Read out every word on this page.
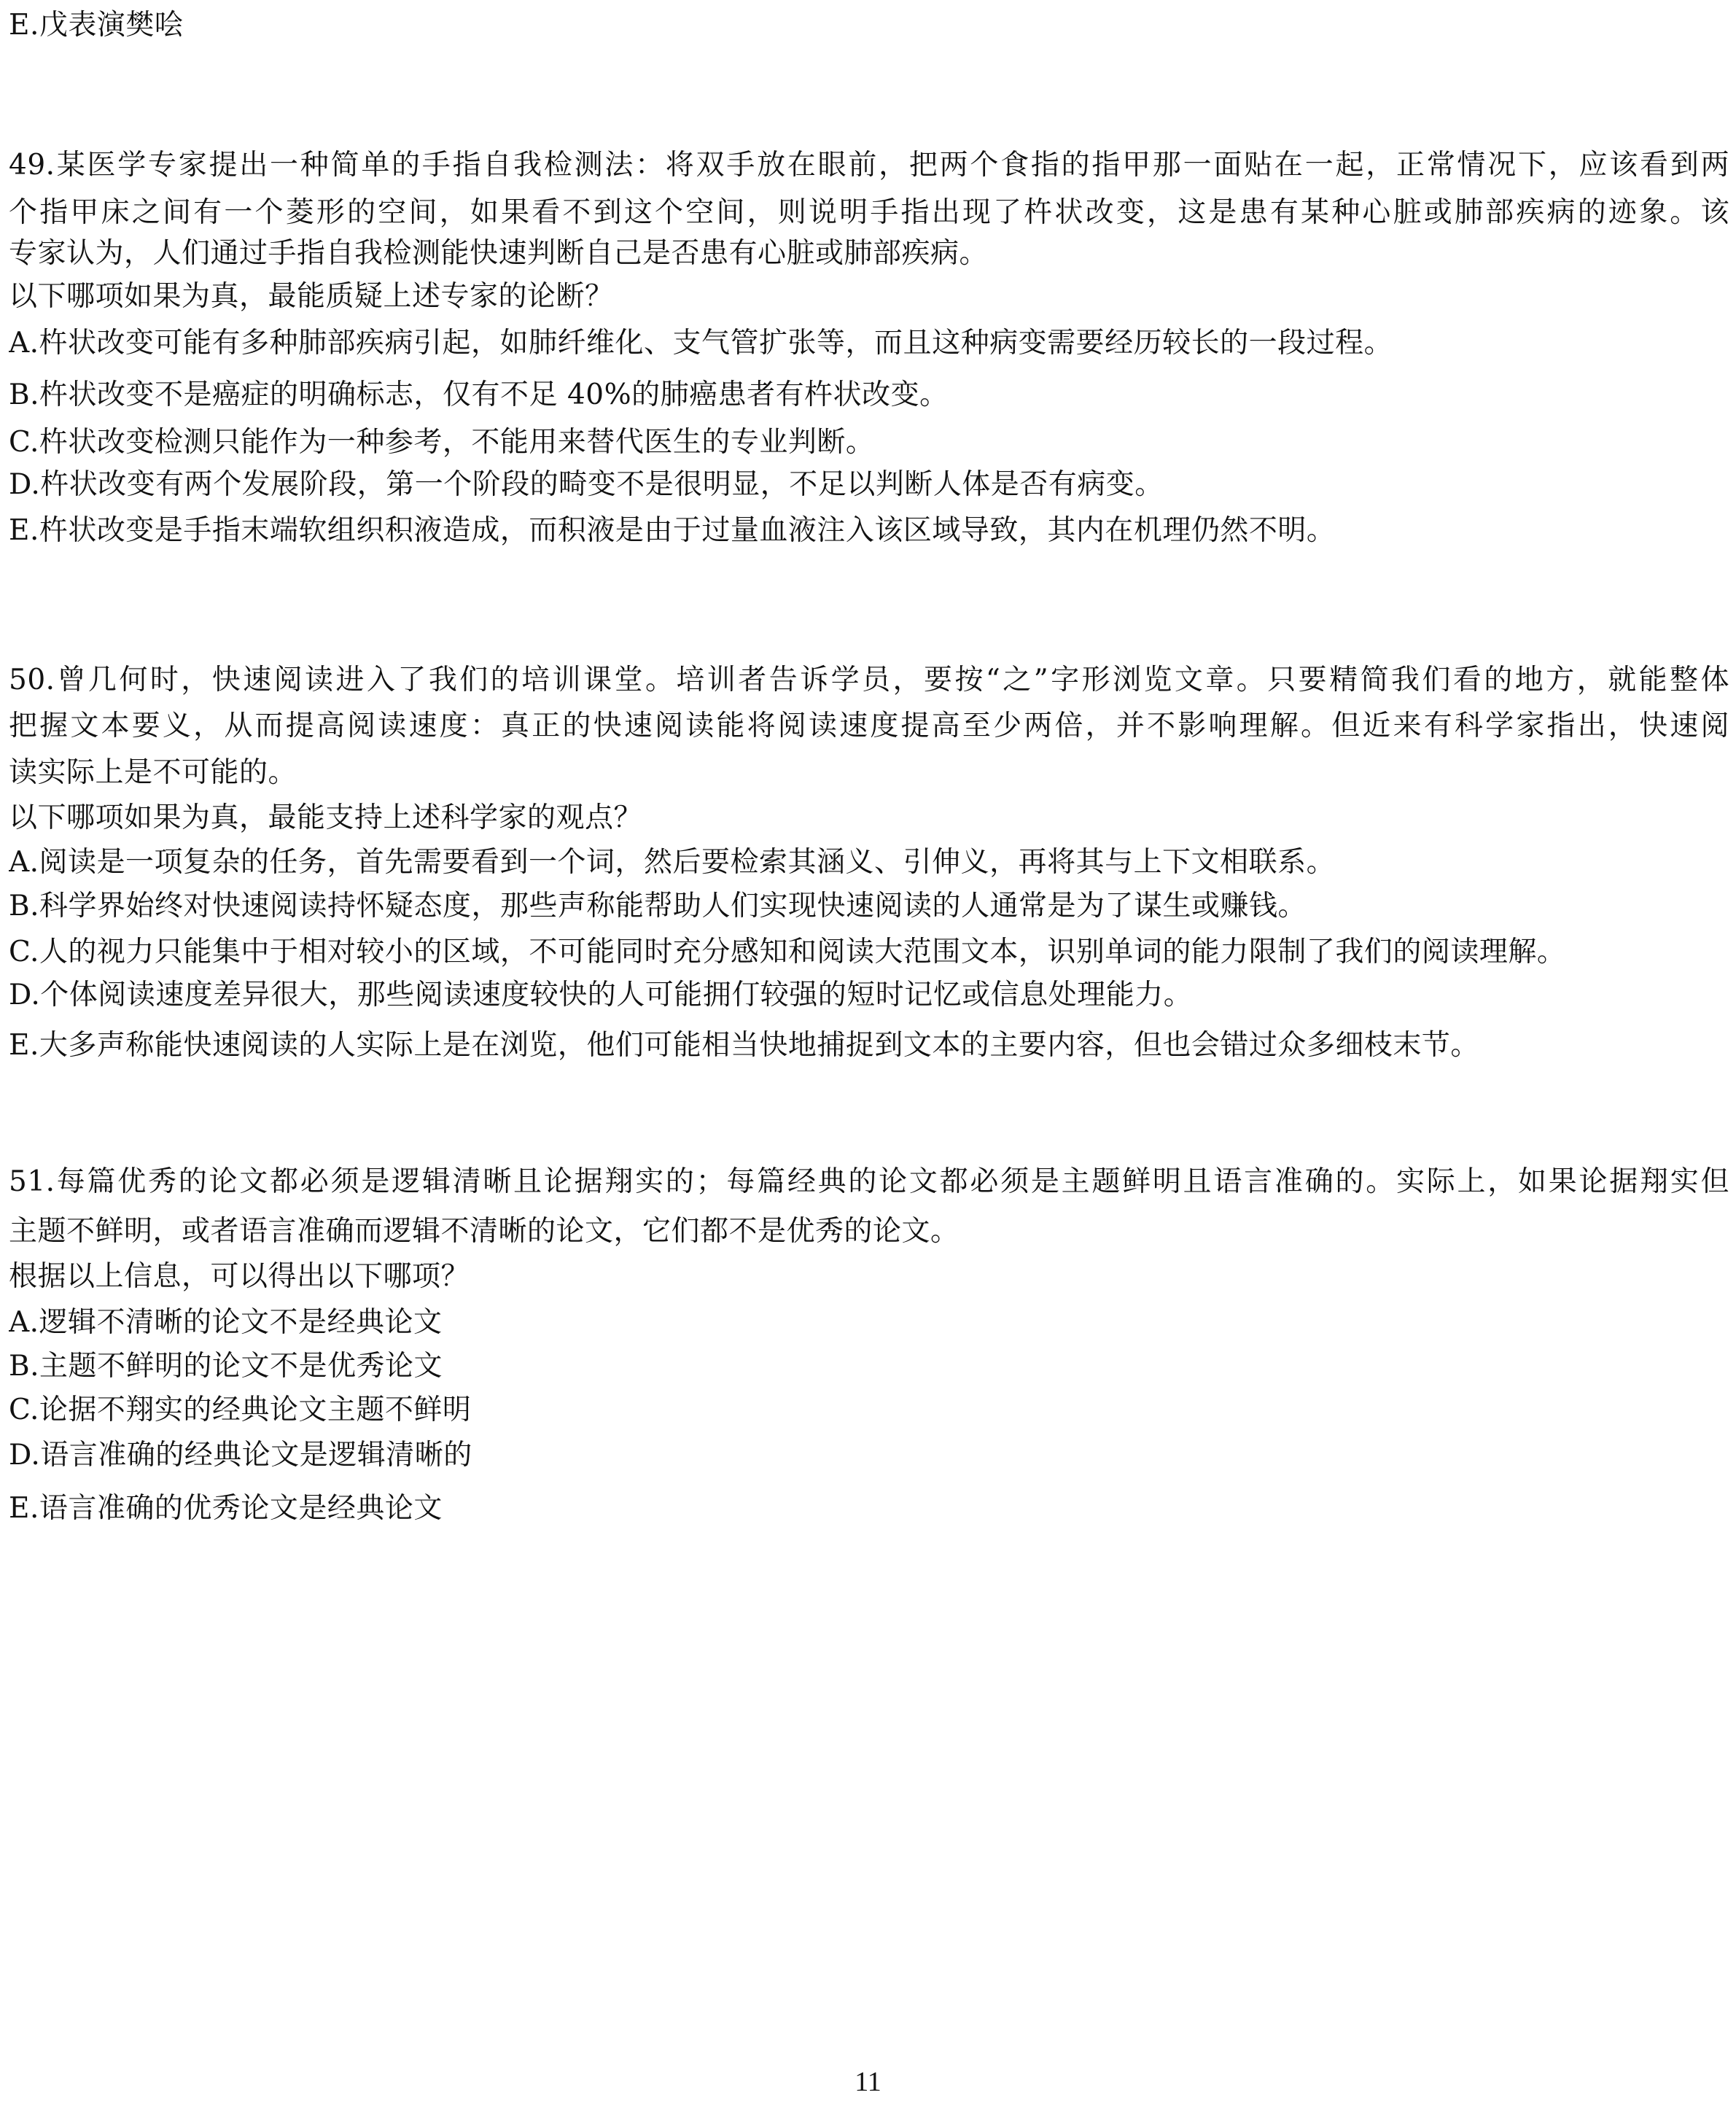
E.戊表演樊哙
49.某医学专家提出一种简单的手指自我检测法：将双手放在眼前，把两个食指的指甲那一面贴在一起，正常情况下，应该看到两
个指甲床之间有一个菱形的空间，如果看不到这个空间，则说明手指出现了杵状改变，这是患有某种心脏或肺部疾病的迹象。该
专家认为，人们通过手指自我检测能快速判断自己是否患有心脏或肺部疾病。
以下哪项如果为真，最能质疑上述专家的论断？
A.杵状改变可能有多种肺部疾病引起，如肺纤维化、支气管扩张等，而且这种病变需要经历较长的一段过程。
B.杵状改变不是癌症的明确标志，仅有不足 40%的肺癌患者有杵状改变。
C.杵状改变检测只能作为一种参考，不能用来替代医生的专业判断。
D.杵状改变有两个发展阶段，第一个阶段的畸变不是很明显，不足以判断人体是否有病变。
E.杵状改变是手指末端软组织积液造成，而积液是由于过量血液注入该区域导致，其内在机理仍然不明。
50.曾几何时，快速阅读进入了我们的培训课堂。培训者告诉学员，要按“之”字形浏览文章。只要精简我们看的地方，就能整体
把握文本要义，从而提高阅读速度：真正的快速阅读能将阅读速度提高至少两倍，并不影响理解。但近来有科学家指出，快速阅
读实际上是不可能的。
以下哪项如果为真，最能支持上述科学家的观点？
A.阅读是一项复杂的任务，首先需要看到一个词，然后要检索其涵义、引伸义，再将其与上下文相联系。
B.科学界始终对快速阅读持怀疑态度，那些声称能帮助人们实现快速阅读的人通常是为了谋生或赚钱。
C.人的视力只能集中于相对较小的区域，不可能同时充分感知和阅读大范围文本，识别单词的能力限制了我们的阅读理解。
D.个体阅读速度差异很大，那些阅读速度较快的人可能拥仃较强的短时记忆或信息处理能力。
E.大多声称能快速阅读的人实际上是在浏览，他们可能相当快地捕捉到文本的主要内容，但也会错过众多细枝末节。
51.每篇优秀的论文都必须是逻辑清晰且论据翔实的；每篇经典的论文都必须是主题鲜明且语言准确的。实际上，如果论据翔实但
主题不鲜明，或者语言准确而逻辑不清晰的论文，它们都不是优秀的论文。
根据以上信息，可以得出以下哪项？
A.逻辑不清晰的论文不是经典论文
B.主题不鲜明的论文不是优秀论文
C.论据不翔实的经典论文主题不鲜明
D.语言准确的经典论文是逻辑清晰的
E.语言准确的优秀论文是经典论文
11
